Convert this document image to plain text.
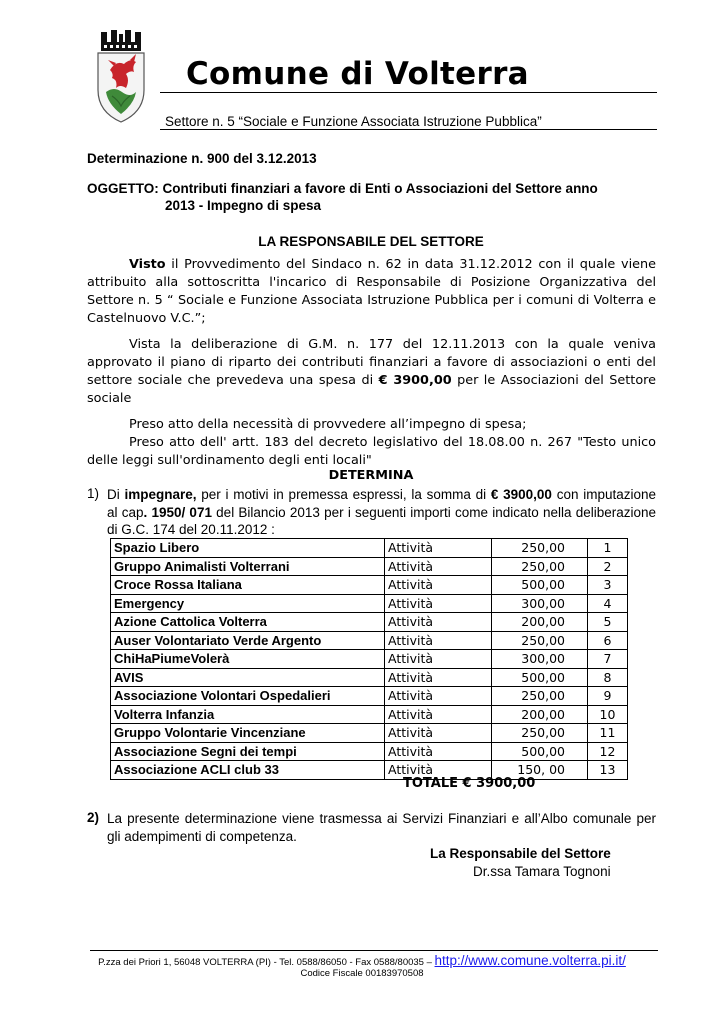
Comune di Volterra
Settore n. 5 “Sociale e Funzione Associata Istruzione Pubblica”
Determinazione n. 900 del 3.12.2013
OGGETTO: Contributi finanziari a favore di Enti o Associazioni del Settore anno
2013 - Impegno di spesa
LA RESPONSABILE DEL SETTORE
Visto il Provvedimento del Sindaco n. 62 in data 31.12.2012 con il quale viene attribuito alla sottoscritta l'incarico di Responsabile di Posizione Organizzativa del Settore n. 5 “ Sociale e Funzione Associata Istruzione Pubblica per i comuni di Volterra e Castelnuovo V.C.”;
Vista la deliberazione di G.M. n. 177 del 12.11.2013 con la quale veniva approvato il piano di riparto dei contributi finanziari a favore di associazioni o enti del settore sociale che prevedeva una spesa di € 3900,00 per le Associazioni del Settore sociale
Preso atto della necessità di provvedere all’impegno di spesa;
Preso atto dell' artt. 183 del decreto legislativo del 18.08.00 n. 267 "Testo unico delle leggi sull'ordinamento degli enti locali"
DETERMINA
1) Di impegnare, per i motivi in premessa espressi, la somma di € 3900,00 con imputazione al cap. 1950/ 071 del Bilancio 2013 per i seguenti importi come indicato nella deliberazione di G.C. 174 del 20.11.2012 :
Spazio Libero	Attività	250,00	1
Gruppo Animalisti Volterrani	Attività	250,00	2
Croce Rossa Italiana	Attività	500,00	3
Emergency	Attività	300,00	4
Azione Cattolica Volterra	Attività	200,00	5
Auser Volontariato Verde Argento	Attività	250,00	6
ChiHaPiumeVolerà	Attività	300,00	7
AVIS	Attività	500,00	8
Associazione Volontari Ospedalieri	Attività	250,00	9
Volterra Infanzia	Attività	200,00	10
Gruppo Volontarie Vincenziane	Attività	250,00	11
Associazione Segni dei tempi	Attività	500,00	12
Associazione ACLI club 33	Attività	150, 00	13
TOTALE € 3900,00
2) La presente determinazione viene trasmessa ai Servizi Finanziari e all’Albo comunale per gli adempimenti di competenza.
La Responsabile del Settore
Dr.ssa Tamara Tognoni
P.zza dei Priori 1, 56048 VOLTERRA (PI) - Tel. 0588/86050 - Fax 0588/80035 – http://www.comune.volterra.pi.it/
Codice Fiscale 00183970508
